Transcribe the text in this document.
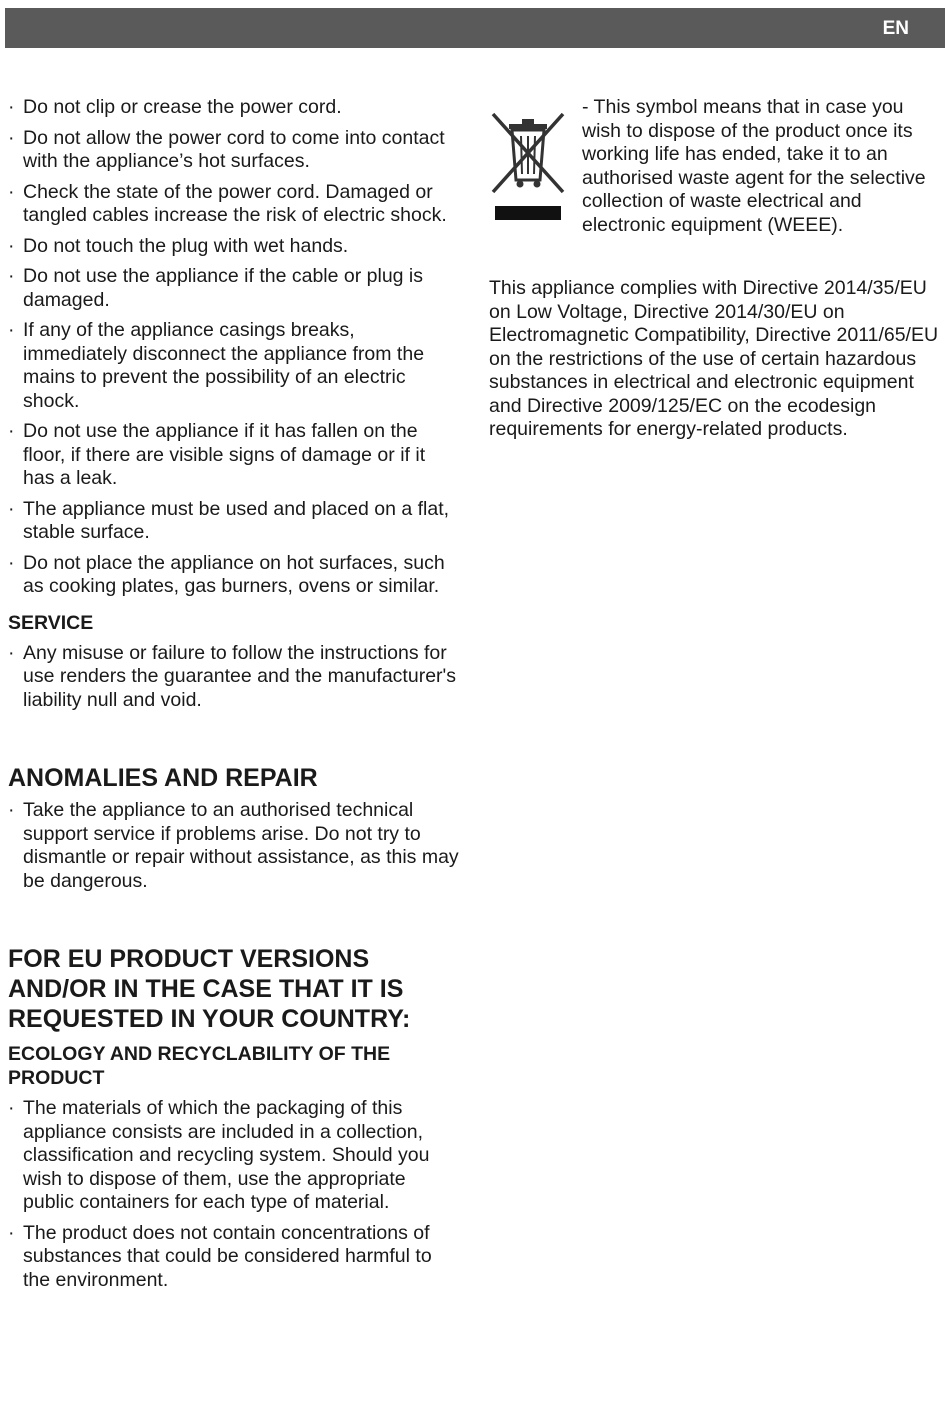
EN
· Do not clip or crease the power cord.
· Do not allow the power cord to come into contact with the appliance’s hot surfaces.
· Check the state of the power cord. Damaged or tangled cables increase the risk of electric shock.
· Do not touch the plug with wet hands.
· Do not use the appliance if the cable or plug is damaged.
· If any of the appliance casings breaks, immediately disconnect the appliance from the mains to prevent the possibility of an electric shock.
· Do not use the appliance if it has fallen on the floor, if there are visible signs of damage or if it has a leak.
· The appliance must be used and placed on a flat, stable surface.
· Do not place the appliance on hot surfaces, such as cooking plates, gas burners, ovens or similar.
SERVICE
· Any misuse or failure to follow the instructions for use renders the guarantee and the manufacturer's liability null and void.
ANOMALIES AND REPAIR
· Take the appliance to an authorised technical support service if problems arise. Do not try to dismantle or repair without assistance, as this may be dangerous.
FOR EU PRODUCT VERSIONS AND/OR IN THE CASE THAT IT IS REQUESTED IN YOUR COUNTRY:
ECOLOGY AND RECYCLABILITY OF THE PRODUCT
· The materials of which the packaging of this appliance consists are included in a collection, classification and recycling system. Should you wish to dispose of them, use the appropriate public containers for each type of material.
· The product does not contain concentrations of substances that could be considered harmful to the environment.
- This symbol means that in case you wish to dispose of the product once its working life has ended, take it to an authorised waste agent for the selective collection of waste electrical and electronic equipment (WEEE).
This appliance complies with Directive 2014/35/EU on Low Voltage, Directive 2014/30/EU on Electromagnetic Compatibility, Directive 2011/65/EU on the restrictions of the use of certain hazardous substances in electrical and electronic equipment and Directive 2009/125/EC on the ecodesign requirements for energy-related products.
